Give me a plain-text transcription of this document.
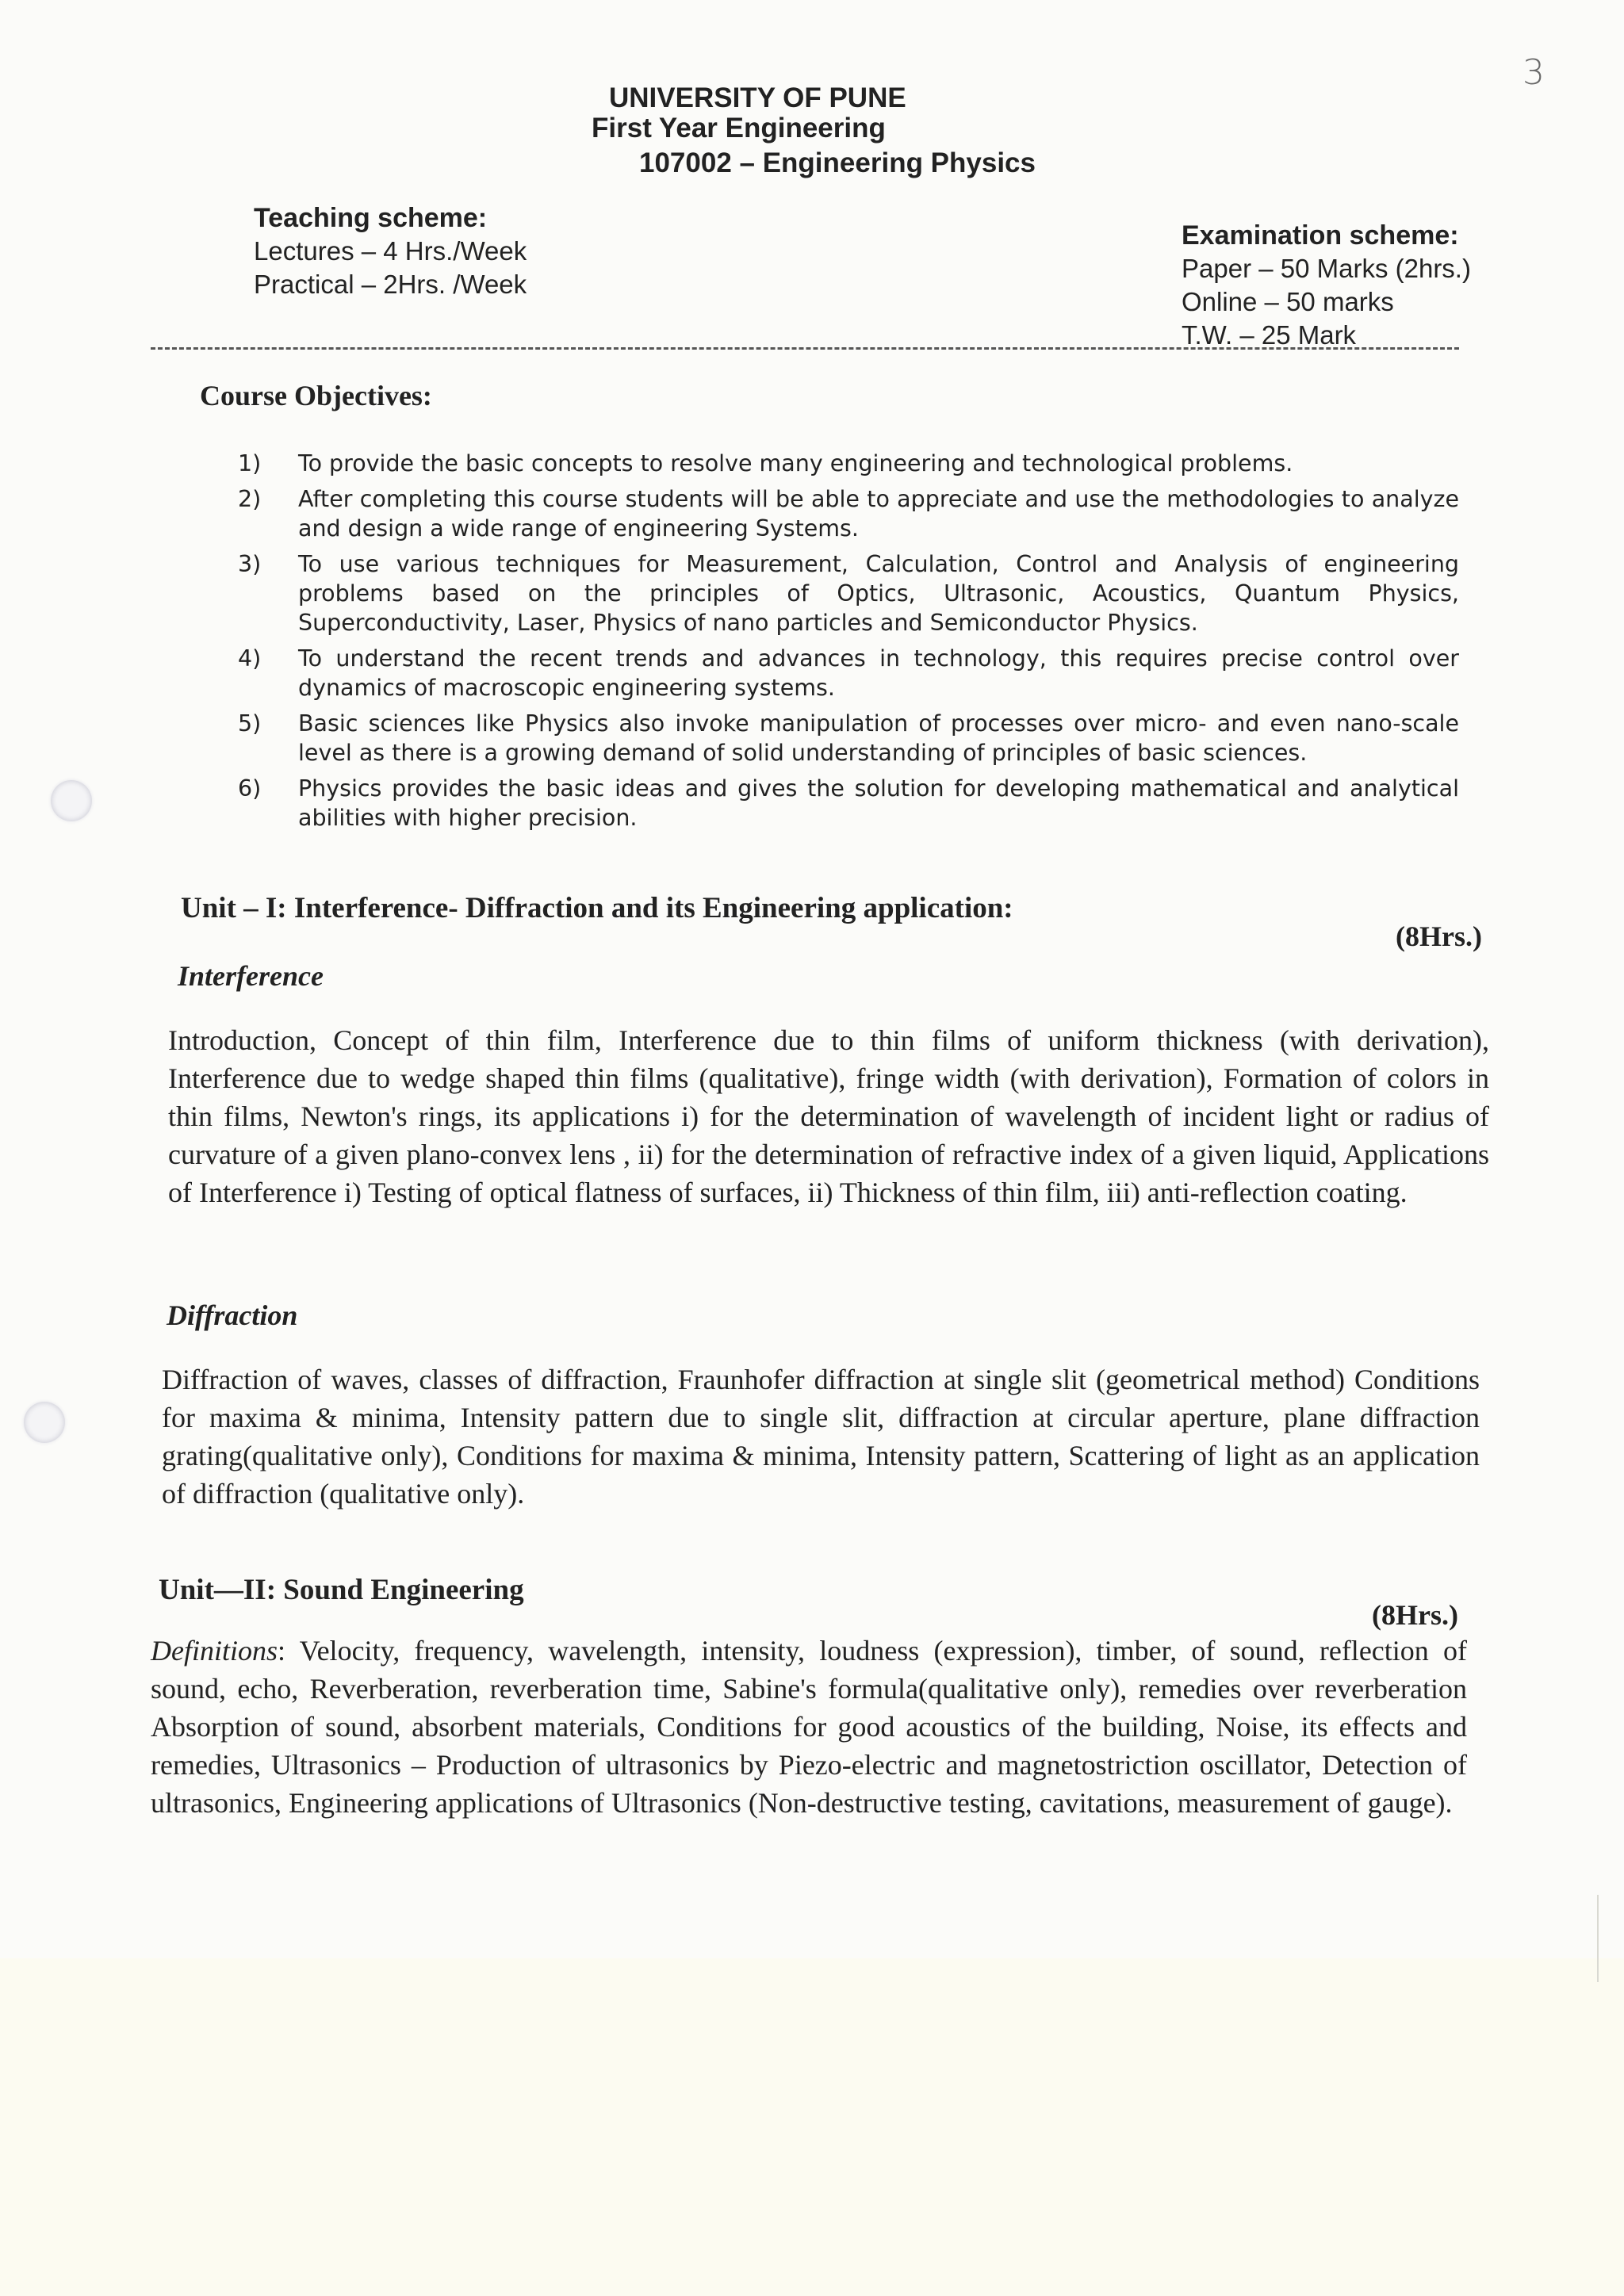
3
UNIVERSITY OF PUNE
First Year Engineering
107002 – Engineering Physics
Teaching scheme:
Lectures – 4 Hrs./Week
Practical – 2Hrs. /Week
Examination scheme:
Paper – 50 Marks (2hrs.)
Online – 50 marks
T.W. – 25 Mark
Course Objectives:
1) To provide the basic concepts to resolve many engineering and technological problems.
2) After completing this course students will be able to appreciate and use the methodologies to analyze and design a wide range of engineering Systems.
3) To use various techniques for Measurement, Calculation, Control and Analysis of engineering problems based on the principles of Optics, Ultrasonic, Acoustics, Quantum Physics, Superconductivity, Laser, Physics of nano particles and Semiconductor Physics.
4) To understand the recent trends and advances in technology, this requires precise control over dynamics of macroscopic engineering systems.
5) Basic sciences like Physics also invoke manipulation of processes over micro- and even nano-scale level as there is a growing demand of solid understanding of principles of basic sciences.
6) Physics provides the basic ideas and gives the solution for developing mathematical and analytical abilities with higher precision.
Unit – I: Interference- Diffraction and its Engineering application:
(8Hrs.)
Interference
Introduction, Concept of thin film, Interference due to thin films of uniform thickness (with derivation), Interference due to wedge shaped thin films (qualitative), fringe width (with derivation), Formation of colors in thin films, Newton's rings, its applications i) for the determination of wavelength of incident light or radius of curvature of a given plano-convex lens , ii) for the determination of refractive index of a given liquid, Applications of Interference i) Testing of optical flatness of surfaces, ii) Thickness of thin film, iii) anti-reflection coating.
Diffraction
Diffraction of waves, classes of diffraction, Fraunhofer diffraction at single slit (geometrical method) Conditions for maxima & minima, Intensity pattern due to single slit, diffraction at circular aperture, plane diffraction grating(qualitative only), Conditions for maxima & minima, Intensity pattern, Scattering of light as an application of diffraction (qualitative only).
Unit—II: Sound Engineering
(8Hrs.)
Definitions: Velocity, frequency, wavelength, intensity, loudness (expression), timber, of sound, reflection of sound, echo, Reverberation, reverberation time, Sabine's formula(qualitative only), remedies over reverberation Absorption of sound, absorbent materials, Conditions for good acoustics of the building, Noise, its effects and remedies, Ultrasonics – Production of ultrasonics by Piezo-electric and magnetostriction oscillator, Detection of ultrasonics, Engineering applications of Ultrasonics (Non-destructive testing, cavitations, measurement of gauge).
